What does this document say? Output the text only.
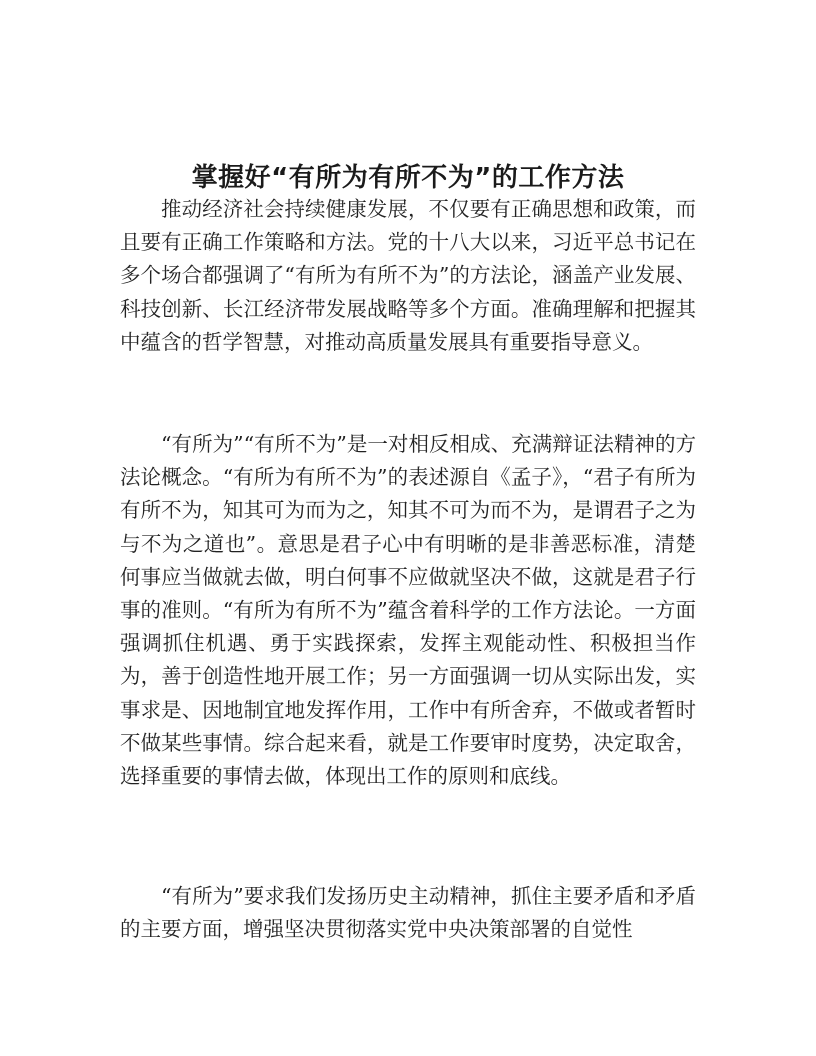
掌握好“有所为有所不为”的工作方法

推动经济社会持续健康发展，不仅要有正确思想和政策，而且要有正确工作策略和方法。党的十八大以来，习近平总书记在多个场合都强调了“有所为有所不为”的方法论，涵盖产业发展、科技创新、长江经济带发展战略等多个方面。准确理解和把握其中蕴含的哲学智慧，对推动高质量发展具有重要指导意义。

“有所为”“有所不为”是一对相反相成、充满辩证法精神的方法论概念。“有所为有所不为”的表述源自《孟子》，“君子有所为有所不为，知其可为而为之，知其不可为而不为，是谓君子之为与不为之道也”。意思是君子心中有明晰的是非善恶标准，清楚何事应当做就去做，明白何事不应做就坚决不做，这就是君子行事的准则。“有所为有所不为”蕴含着科学的工作方法论。一方面强调抓住机遇、勇于实践探索，发挥主观能动性、积极担当作为，善于创造性地开展工作；另一方面强调一切从实际出发，实事求是、因地制宜地发挥作用，工作中有所舍弃，不做或者暂时不做某些事情。综合起来看，就是工作要审时度势，决定取舍，选择重要的事情去做，体现出工作的原则和底线。

“有所为”要求我们发扬历史主动精神，抓住主要矛盾和矛盾的主要方面，增强坚决贯彻落实党中央决策部署的自觉性
